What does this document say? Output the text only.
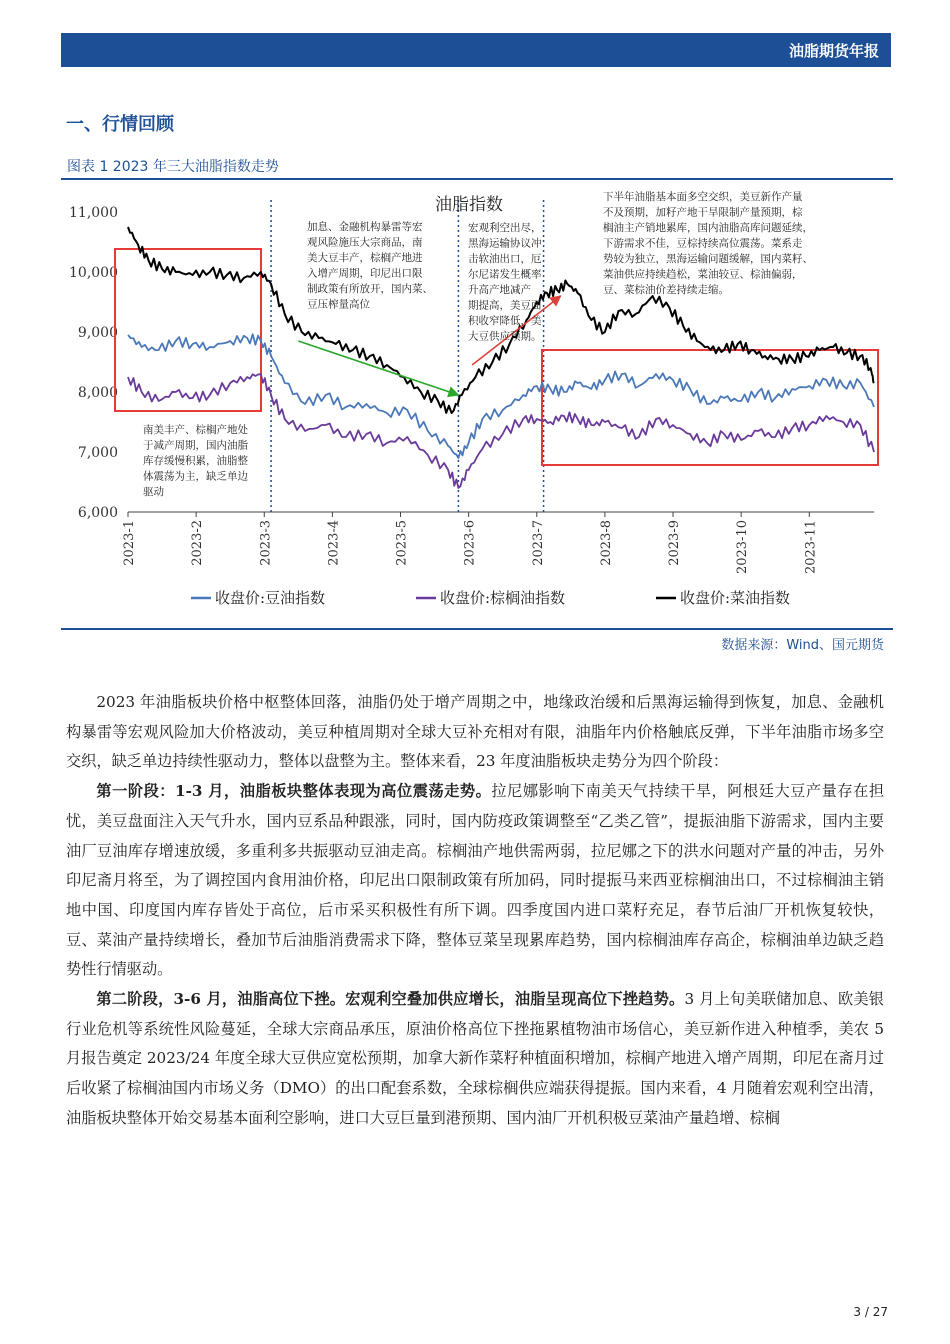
油脂期货年报
一、行情回顾
图表 1 2023 年三大油脂指数走势
6,000
7,000
8,000
9,000
10,000
11,000
2023-1	2023-2	2023-3	2023-4	2023-5	2023-6	2023-7	2023-8	2023-9	2023-10	2023-11
油脂指数
南美丰产、棕榈产地处
于减产周期，国内油脂
库存缓慢积累，油脂整
体震荡为主，缺乏单边
驱动
加息、金融机构暴雷等宏
观风险施压大宗商品，南
美大豆丰产，棕榈产地进
入增产周期，印尼出口限
制政策有所放开，国内菜、
豆压榨量高位
宏观利空出尽，
黑海运输协议冲
击软油出口，厄
尔尼诺发生概率
升高产地减产
期提高，美豆面
积收窄降低，美
大豆供应预期。
下半年油脂基本面多空交织，美豆新作产量
不及预期，加籽产地干旱限制产量预期，棕
榈油主产销地累库，国内油脂高库问题延续，
下游需求不佳，豆棕持续高位震荡。菜系走
势较为独立，黑海运输问题缓解，国内菜籽、
菜油供应持续趋松，菜油较豆、棕油偏弱，
豆、菜棕油价差持续走缩。
收盘价:豆油指数	收盘价:棕榈油指数	收盘价:菜油指数
数据来源：Wind、国元期货

2023 年油脂板块价格中枢整体回落，油脂仍处于增产周期之中，地缘政治缓和后黑海运输得到恢复，加息、金融机构暴雷等宏观风险加大价格波动，美豆种植周期对全球大豆补充相对有限，油脂年内价格触底反弹，下半年油脂市场多空交织，缺乏单边持续性驱动力，整体以盘整为主。整体来看，23 年度油脂板块走势分为四个阶段：

第一阶段：1-3 月，油脂板块整体表现为高位震荡走势。拉尼娜影响下南美天气持续干旱，阿根廷大豆产量存在担忧，美豆盘面注入天气升水，国内豆系品种跟涨，同时，国内防疫政策调整至“乙类乙管”，提振油脂下游需求，国内主要油厂豆油库存增速放缓，多重利多共振驱动豆油走高。棕榈油产地供需两弱，拉尼娜之下的洪水问题对产量的冲击，另外印尼斋月将至，为了调控国内食用油价格，印尼出口限制政策有所加码，同时提振马来西亚棕榈油出口，不过棕榈油主销地中国、印度国内库存皆处于高位，后市采买积极性有所下调。四季度国内进口菜籽充足，春节后油厂开机恢复较快，豆、菜油产量持续增长，叠加节后油脂消费需求下降，整体豆菜呈现累库趋势，国内棕榈油库存高企，棕榈油单边缺乏趋势性行情驱动。

第二阶段，3-6 月，油脂高位下挫。宏观利空叠加供应增长，油脂呈现高位下挫趋势。3 月上旬美联储加息、欧美银行业危机等系统性风险蔓延，全球大宗商品承压，原油价格高位下挫拖累植物油市场信心，美豆新作进入种植季，美农 5 月报告奠定 2023/24 年度全球大豆供应宽松预期，加拿大新作菜籽种植面积增加，棕榈产地进入增产周期，印尼在斋月过后收紧了棕榈油国内市场义务（DMO）的出口配套系数，全球棕榈供应端获得提振。国内来看，4 月随着宏观利空出清，油脂板块整体开始交易基本面利空影响，进口大豆巨量到港预期、国内油厂开机积极豆菜油产量趋增、棕榈

3 / 27
